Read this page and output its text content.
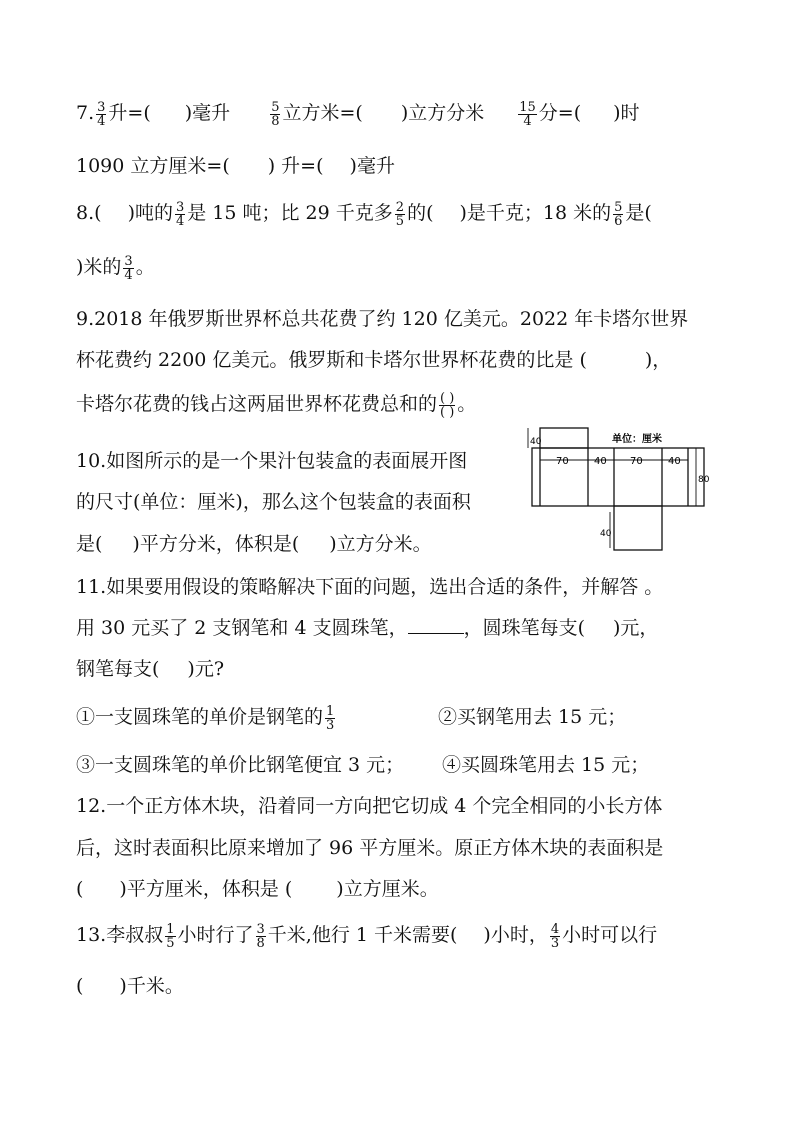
7. $\frac{3}{4}$ 升=( )毫升	$\frac{5}{8}$ 立方米=( )立方分米	$\frac{15}{4}$ 分=( )时
1090 立方厘米=( ) 升=( )毫升
8.( )吨的 $\frac{3}{4}$ 是 15 吨；比 29 千克多 $\frac{2}{5}$ 的( )是千克；18 米的 $\frac{5}{6}$ 是(
)米的 $\frac{3}{4}$ 。
9.2018 年俄罗斯世界杯总共花费了约 120 亿美元。2022 年卡塔尔世界
杯花费约 2200 亿美元。俄罗斯和卡塔尔世界杯花费的比是 (	)，
卡塔尔花费的钱占这两届世界杯花费总和的 $\frac{( )}{( )}$ 。
10.如图所示的是一个果汁包装盒的表面展开图
的尺寸(单位：厘米)，那么这个包装盒的表面积
是( )平方分米，体积是( )立方分米。
单位：厘米
40
70	40 70	40
80
40
11.如果要用假设的策略解决下面的问题，选出合适的条件，并解答 。
用 30 元买了 2 支钢笔和 4 支圆珠笔，	，圆珠笔每支( )元，
钢笔每支( )元?
①一支圆珠笔的单价是钢笔的 $\frac{1}{3}$	②买钢笔用去 15 元；
③一支圆珠笔的单价比钢笔便宜 3 元； ④买圆珠笔用去 15 元；
12.一个正方体木块，沿着同一方向把它切成 4 个完全相同的小长方体
后，这时表面积比原来增加了 96 平方厘米。原正方体木块的表面积是
( )平方厘米，体积是 ( )立方厘米。
13.李叔叔 $\frac{1}{5}$ 小时行了 $\frac{3}{8}$ 千米,他行 1 千米需要( )小时， $\frac{4}{3}$ 小时可以行
( )千米。
